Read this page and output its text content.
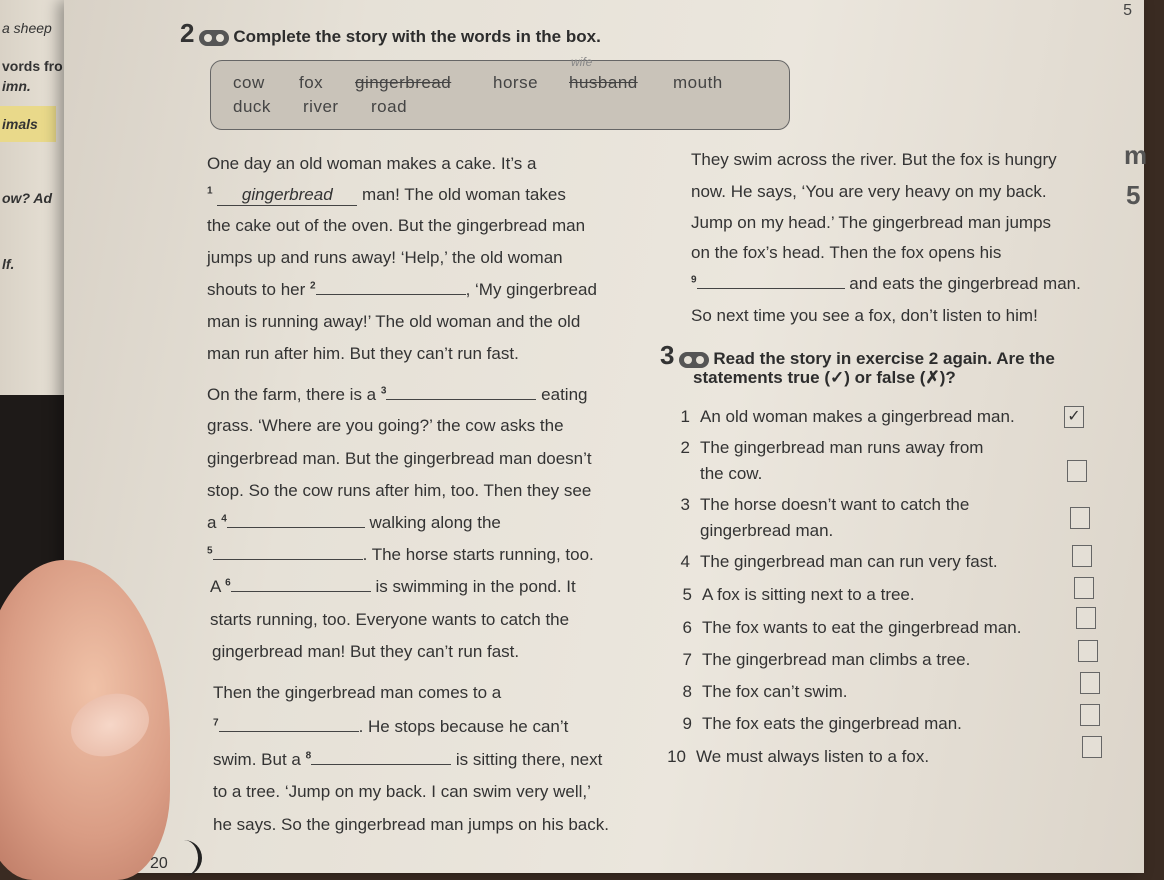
a sheep
vords fro
imn.
imals
ow? Ad
lf.
5
2 Complete the story with the words in the box.
cow fox gingerbread horse husband mouth
duck river road
wife
One day an old woman makes a cake. It’s a
$^1$ gingerbread man! The old woman takes
the cake out of the oven. But the gingerbread man
jumps up and runs away! ‘Help,’ the old woman
shouts to her $^2$	, ‘My gingerbread
man is running away!’ The old woman and the old
man run after him. But they can’t run fast.
On the farm, there is a $^3$	eating
grass. ‘Where are you going?’ the cow asks the
gingerbread man. But the gingerbread man doesn’t
stop. So the cow runs after him, too. Then they see
a $^4$	walking along the
$^5$	. The horse starts running, too.
A $^6$	is swimming in the pond. It
starts running, too. Everyone wants to catch the
gingerbread man! But they can’t run fast.
Then the gingerbread man comes to a
$^7$	. He stops because he can’t
swim. But a $^8$	is sitting there, next
to a tree. ‘Jump on my back. I can swim very well,’
he says. So the gingerbread man jumps on his back.
They swim across the river. But the fox is hungry
now. He says, ‘You are very heavy on my back.
Jump on my head.’ The gingerbread man jumps
on the fox’s head. Then the fox opens his
$^9$	and eats the gingerbread man.
So next time you see a fox, don’t listen to him!
3 Read the story in exercise 2 again. Are the
statements true (✓) or false (✗)?
1 An old woman makes a gingerbread man.	✓
2 The gingerbread man runs away from
the cow.
3 The horse doesn’t want to catch the
gingerbread man.
4 The gingerbread man can run very fast.
5 A fox is sitting next to a tree.
6 The fox wants to eat the gingerbread man.
7 The gingerbread man climbs a tree.
8 The fox can’t swim.
9 The fox eats the gingerbread man.
10 We must always listen to a fox.
m
5
20
